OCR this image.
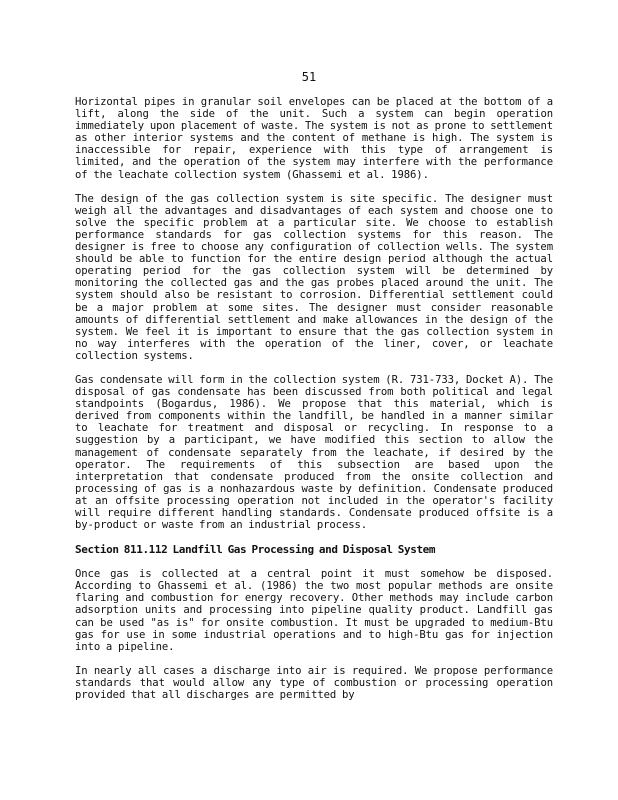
51

Horizontal pipes in granular soil envelopes can be placed at the bottom of a lift, along the side of the unit. Such a system can begin operation immediately upon placement of waste. The system is not as prone to settlement as other interior systems and the content of methane is high. The system is inaccessible for repair, experience with this type of arrangement is limited, and the operation of the system may interfere with the performance of the leachate collection system (Ghassemi et al. 1986).

The design of the gas collection system is site specific. The designer must weigh all the advantages and disadvantages of each system and choose one to solve the specific problem at a particular site. We choose to establish performance standards for gas collection systems for this reason. The designer is free to choose any configuration of collection wells. The system should be able to function for the entire design period although the actual operating period for the gas collection system will be determined by monitoring the collected gas and the gas probes placed around the unit. The system should also be resistant to corrosion. Differential settlement could be a major problem at some sites. The designer must consider reasonable amounts of differential settlement and make allowances in the design of the system. We feel it is important to ensure that the gas collection system in no way interferes with the operation of the liner, cover, or leachate collection systems.

Gas condensate will form in the collection system (R. 731-733, Docket A). The disposal of gas condensate has been discussed from both political and legal standpoints (Bogardus, 1986). We propose that this material, which is derived from components within the landfill, be handled in a manner similar to leachate for treatment and disposal or recycling. In response to a suggestion by a participant, we have modified this section to allow the management of condensate separately from the leachate, if desired by the operator. The requirements of this subsection are based upon the interpretation that condensate produced from the onsite collection and processing of gas is a nonhazardous waste by definition. Condensate produced at an offsite processing operation not included in the operator's facility will require different handling standards. Condensate produced offsite is a by-product or waste from an industrial process.

Section 811.112 Landfill Gas Processing and Disposal System

Once gas is collected at a central point it must somehow be disposed. According to Ghassemi et al. (1986) the two most popular methods are onsite flaring and combustion for energy recovery. Other methods may include carbon adsorption units and processing into pipeline quality product. Landfill gas can be used "as is" for onsite combustion. It must be upgraded to medium-Btu gas for use in some industrial operations and to high-Btu gas for injection into a pipeline.

In nearly all cases a discharge into air is required. We propose performance standards that would allow any type of combustion or processing operation provided that all discharges are permitted by
